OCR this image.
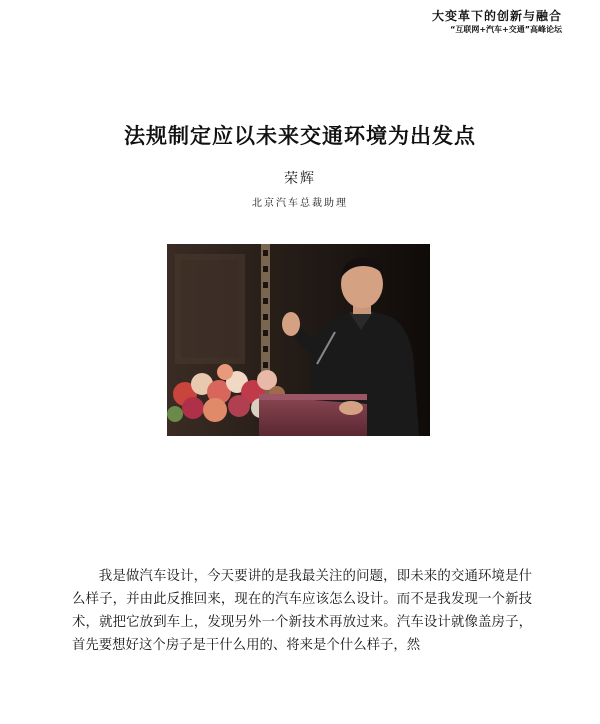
大变革下的创新与融合
“互联网+汽车+交通”高峰论坛
法规制定应以未来交通环境为出发点
荣辉
北京汽车总裁助理

我是做汽车设计，今天要讲的是我最关注的问题，即未来的交通环境是什么样子，并由此反推回来，现在的汽车应该怎么设计。而不是我发现一个新技术，就把它放到车上，发现另外一个新技术再放过来。汽车设计就像盖房子，首先要想好这个房子是干什么用的、将来是个什么样子，然
